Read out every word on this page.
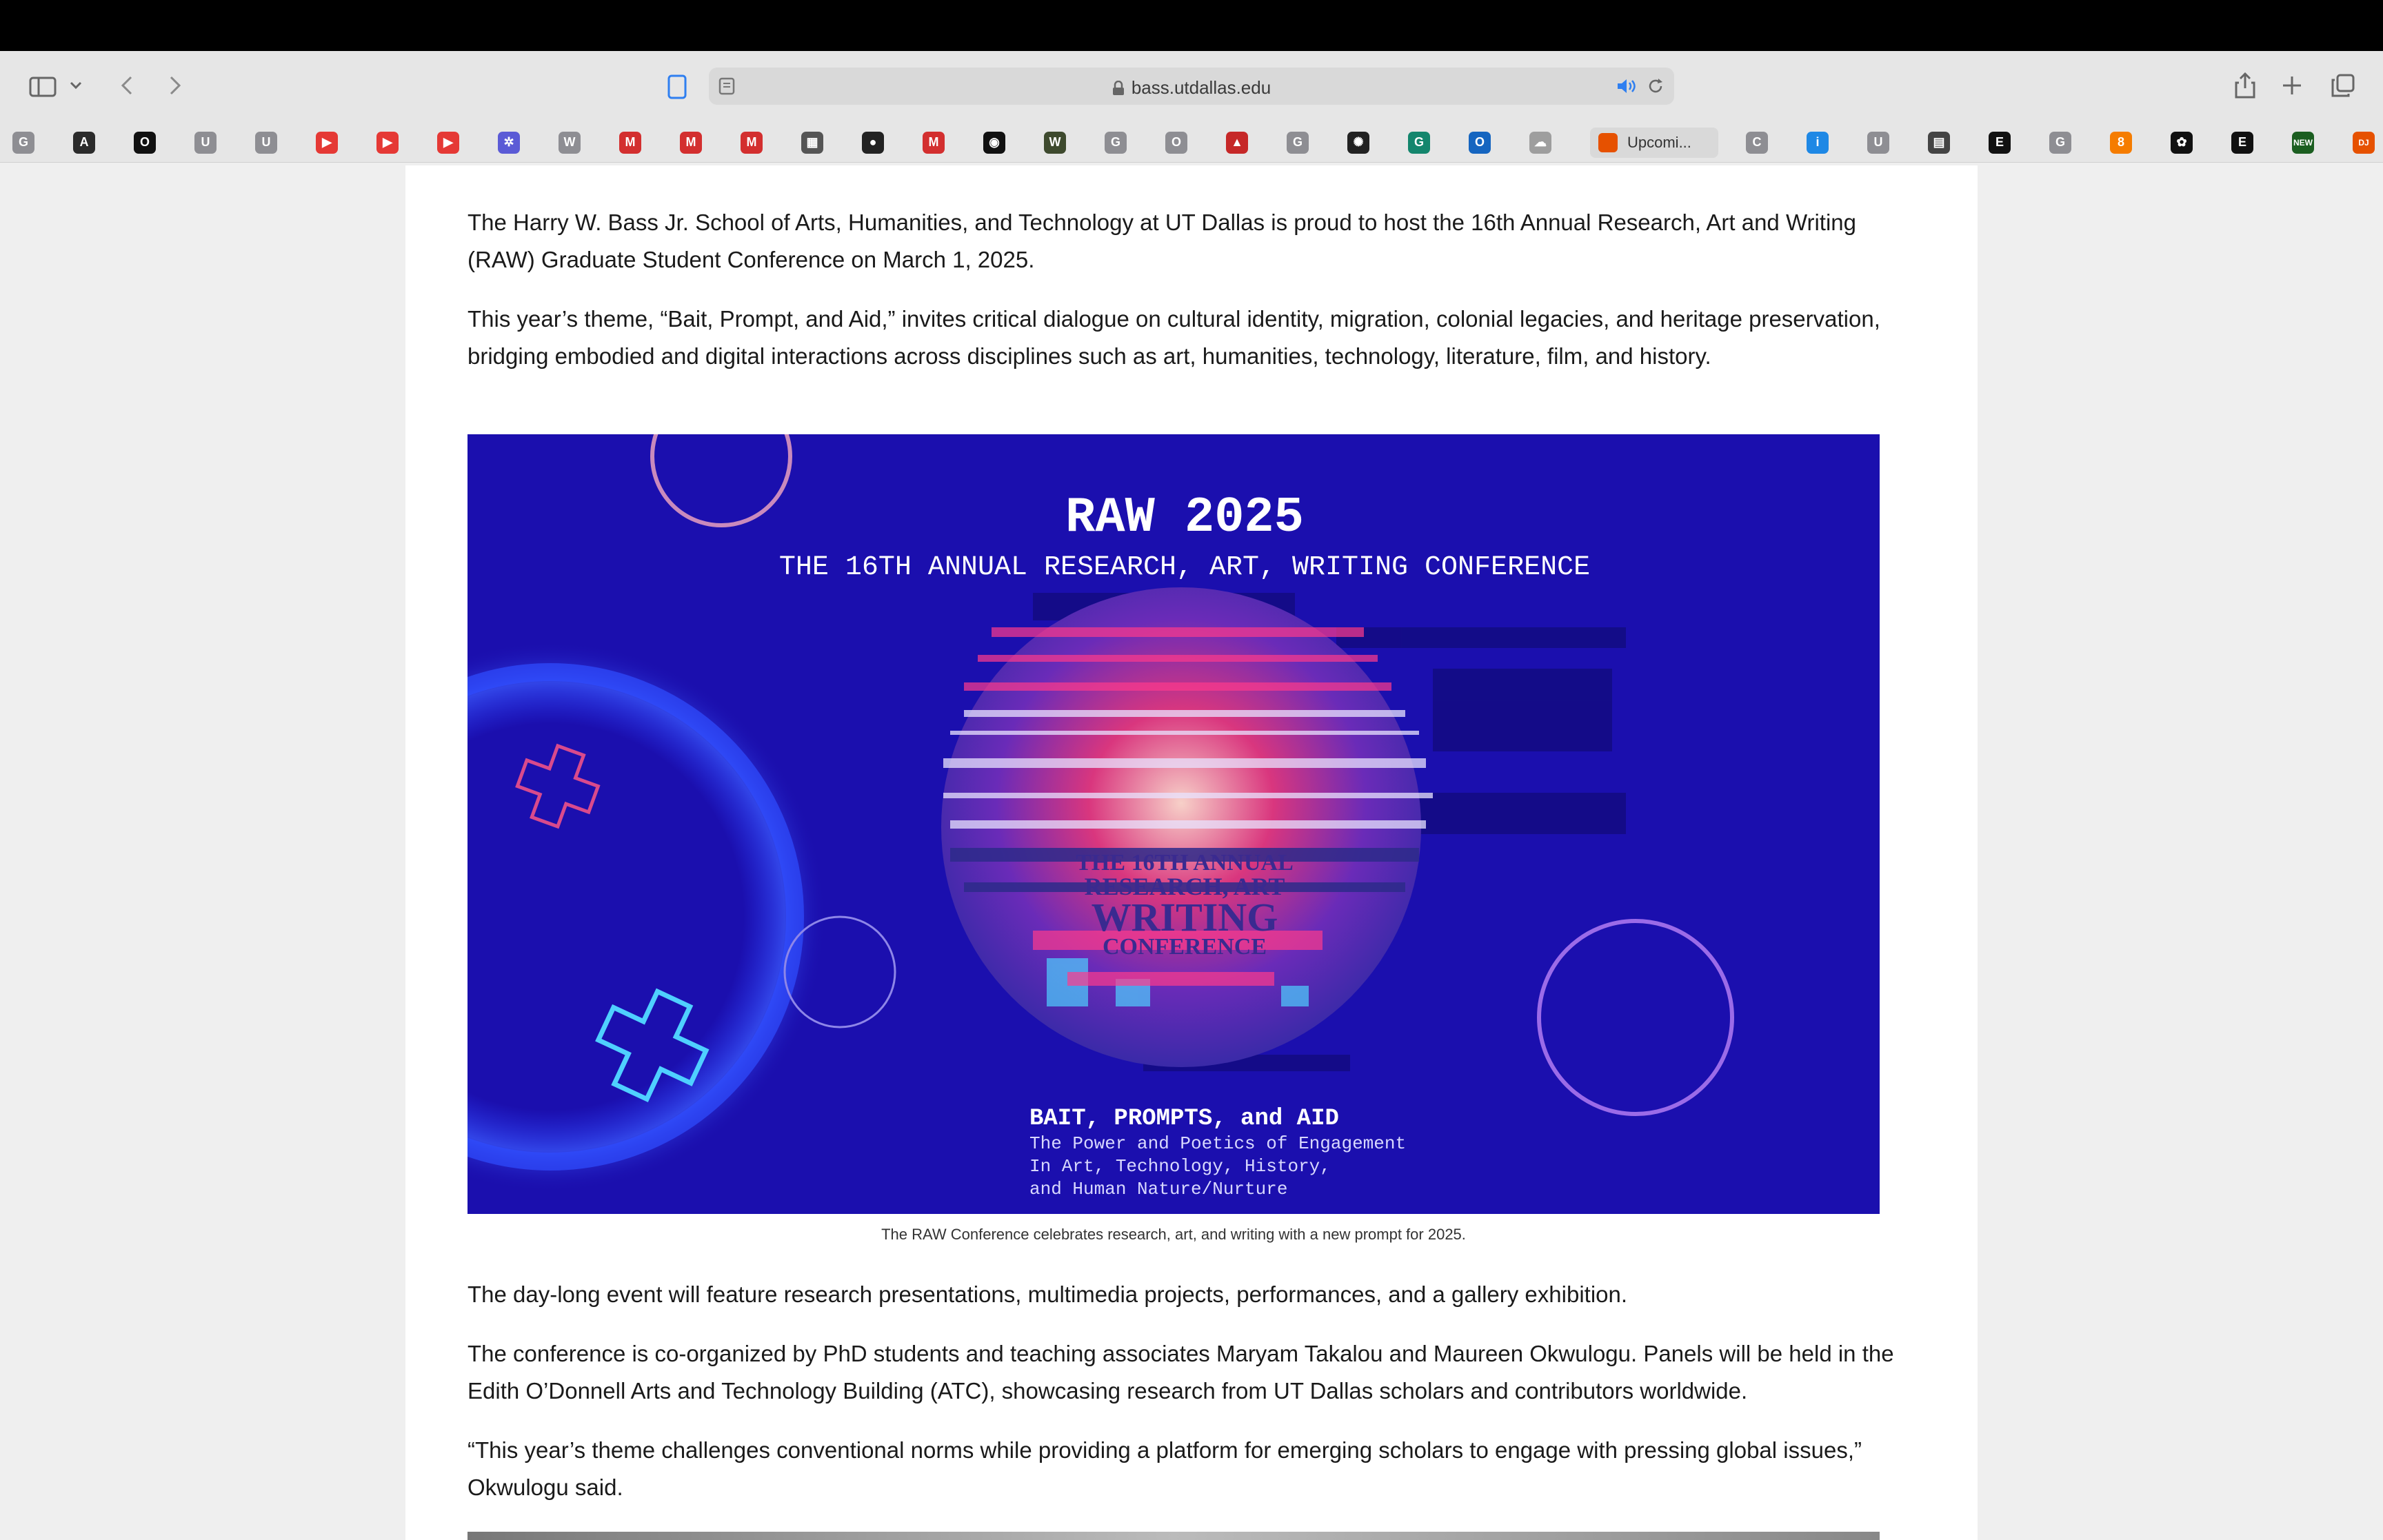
bass.utdallas.edu
G	A	O	U	U	▶	▶	▶	✲	W	M	M	M	▦	●	M	◉	W	G	O	▲	G	✺	G	O	☁	Upcomi...	C	i	U	▤	E	G	8	✿	E	NEW	DJ

The Harry W. Bass Jr. School of Arts, Humanities, and Technology at UT Dallas is proud to host the 16th Annual Research, Art and Writing (RAW) Graduate Student Conference on March 1, 2025.

This year’s theme, “Bait, Prompt, and Aid,” invites critical dialogue on cultural identity, migration, colonial legacies, and heritage preservation, bridging embodied and digital interactions across disciplines such as art, humanities, technology, literature, film, and history.

THE 16TH ANNUAL
RESEARCH, ART
WRITING
CONFERENCE
RAW 2025
THE 16TH ANNUAL RESEARCH, ART, WRITING CONFERENCE
BAIT, PROMPTS, and AID
The Power and Poetics of Engagement
In Art, Technology, History,
and Human Nature/Nurture
The RAW Conference celebrates research, art, and writing with a new prompt for 2025.

The day-long event will feature research presentations, multimedia projects, performances, and a gallery exhibition.

The conference is co-organized by PhD students and teaching associates Maryam Takalou and Maureen Okwulogu. Panels will be held in the Edith O’Donnell Arts and Technology Building (ATC), showcasing research from UT Dallas scholars and contributors worldwide.

“This year’s theme challenges conventional norms while providing a platform for emerging scholars to engage with pressing global issues,” Okwulogu said.
